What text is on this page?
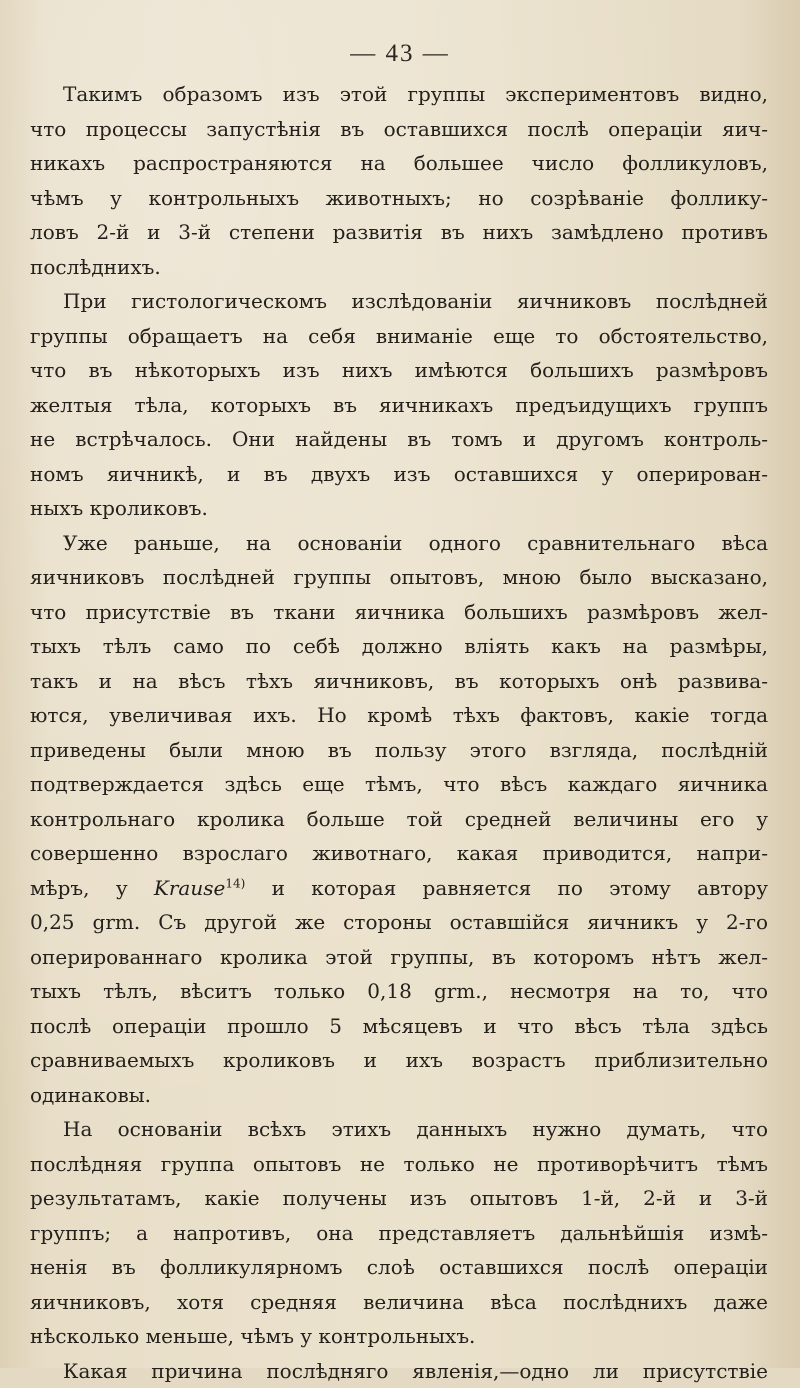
— 43 —
Такимъ образомъ изъ этой группы экспериментовъ видно,
что процессы запустѣнія въ оставшихся послѣ операціи яич-
никахъ распространяются на большее число фолликуловъ,
чѣмъ у контрольныхъ животныхъ; но созрѣваніе фоллику-
ловъ 2-й и 3-й степени развитія въ нихъ замѣдлено противъ
послѣднихъ.
При гистологическомъ изслѣдованіи яичниковъ послѣдней
группы обращаетъ на себя вниманіе еще то обстоятельство,
что въ нѣкоторыхъ изъ нихъ имѣются большихъ размѣровъ
желтыя тѣла, которыхъ въ яичникахъ предъидущихъ группъ
не встрѣчалось. Они найдены въ томъ и другомъ контроль-
номъ яичникѣ, и въ двухъ изъ оставшихся у оперирован-
ныхъ кроликовъ.
Уже раньше, на основаніи одного сравнительнаго вѣса
яичниковъ послѣдней группы опытовъ, мною было высказано,
что присутствіе въ ткани яичника большихъ размѣровъ жел-
тыхъ тѣлъ само по себѣ должно вліять какъ на размѣры,
такъ и на вѣсъ тѣхъ яичниковъ, въ которыхъ онѣ развива-
ются, увеличивая ихъ. Но кромѣ тѣхъ фактовъ, какіе тогда
приведены были мною въ пользу этого взгляда, послѣдній
подтверждается здѣсь еще тѣмъ, что вѣсъ каждаго яичника
контрольнаго кролика больше той средней величины его у
совершенно взрослаго животнаго, какая приводится, напри-
мѣръ, у Krause$^{14)}$ и которая равняется по этому автору
0,25 grm. Съ другой же стороны оставшійся яичникъ у 2-го
оперированнаго кролика этой группы, въ которомъ нѣтъ жел-
тыхъ тѣлъ, вѣситъ только 0,18 grm., несмотря на то, что
послѣ операціи прошло 5 мѣсяцевъ и что вѣсъ тѣла здѣсь
сравниваемыхъ кроликовъ и ихъ возрастъ приблизительно
одинаковы.
На основаніи всѣхъ этихъ данныхъ нужно думать, что
послѣдняя группа опытовъ не только не противорѣчитъ тѣмъ
результатамъ, какіе получены изъ опытовъ 1-й, 2-й и 3-й
группъ; а напротивъ, она представляетъ дальнѣйшія измѣ-
ненія въ фолликулярномъ слоѣ оставшихся послѣ операціи
яичниковъ, хотя средняя величина вѣса послѣднихъ даже
нѣсколько меньше, чѣмъ у контрольныхъ.
Какая причина послѣдняго явленія,—одно ли присутствіе
